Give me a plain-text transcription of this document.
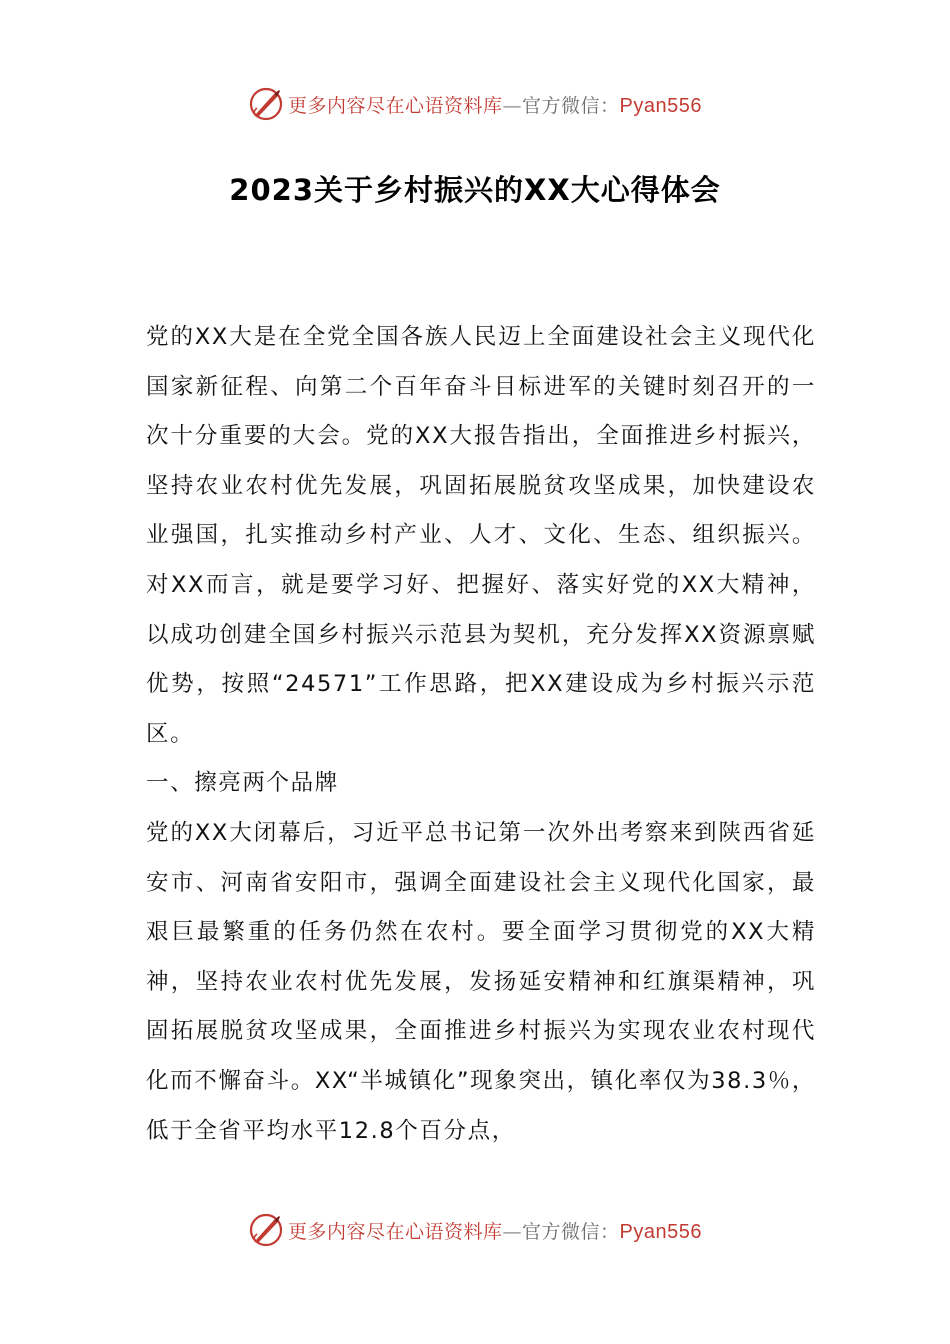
更多内容尽在心语资料库—官方微信：Pyan556
2023关于乡村振兴的XX大心得体会

党的XX大是在全党全国各族人民迈上全面建设社会主义现代化国家新征程、向第二个百年奋斗目标进军的关键时刻召开的一次十分重要的大会。党的XX大报告指出，全面推进乡村振兴，坚持农业农村优先发展，巩固拓展脱贫攻坚成果，加快建设农业强国，扎实推动乡村产业、人才、文化、生态、组织振兴。对XX而言，就是要学习好、把握好、落实好党的XX大精神，以成功创建全国乡村振兴示范县为契机，充分发挥XX资源禀赋优势，按照“24571”工作思路，把XX建设成为乡村振兴示范区。

一、擦亮两个品牌

党的XX大闭幕后，习近平总书记第一次外出考察来到陕西省延安市、河南省安阳市，强调全面建设社会主义现代化国家，最艰巨最繁重的任务仍然在农村。要全面学习贯彻党的XX大精神，坚持农业农村优先发展，发扬延安精神和红旗渠精神，巩固拓展脱贫攻坚成果，全面推进乡村振兴为实现农业农村现代化而不懈奋斗。XX“半城镇化”现象突出，镇化率仅为38.3％，低于全省平均水平12.8个百分点，

更多内容尽在心语资料库—官方微信：Pyan556
